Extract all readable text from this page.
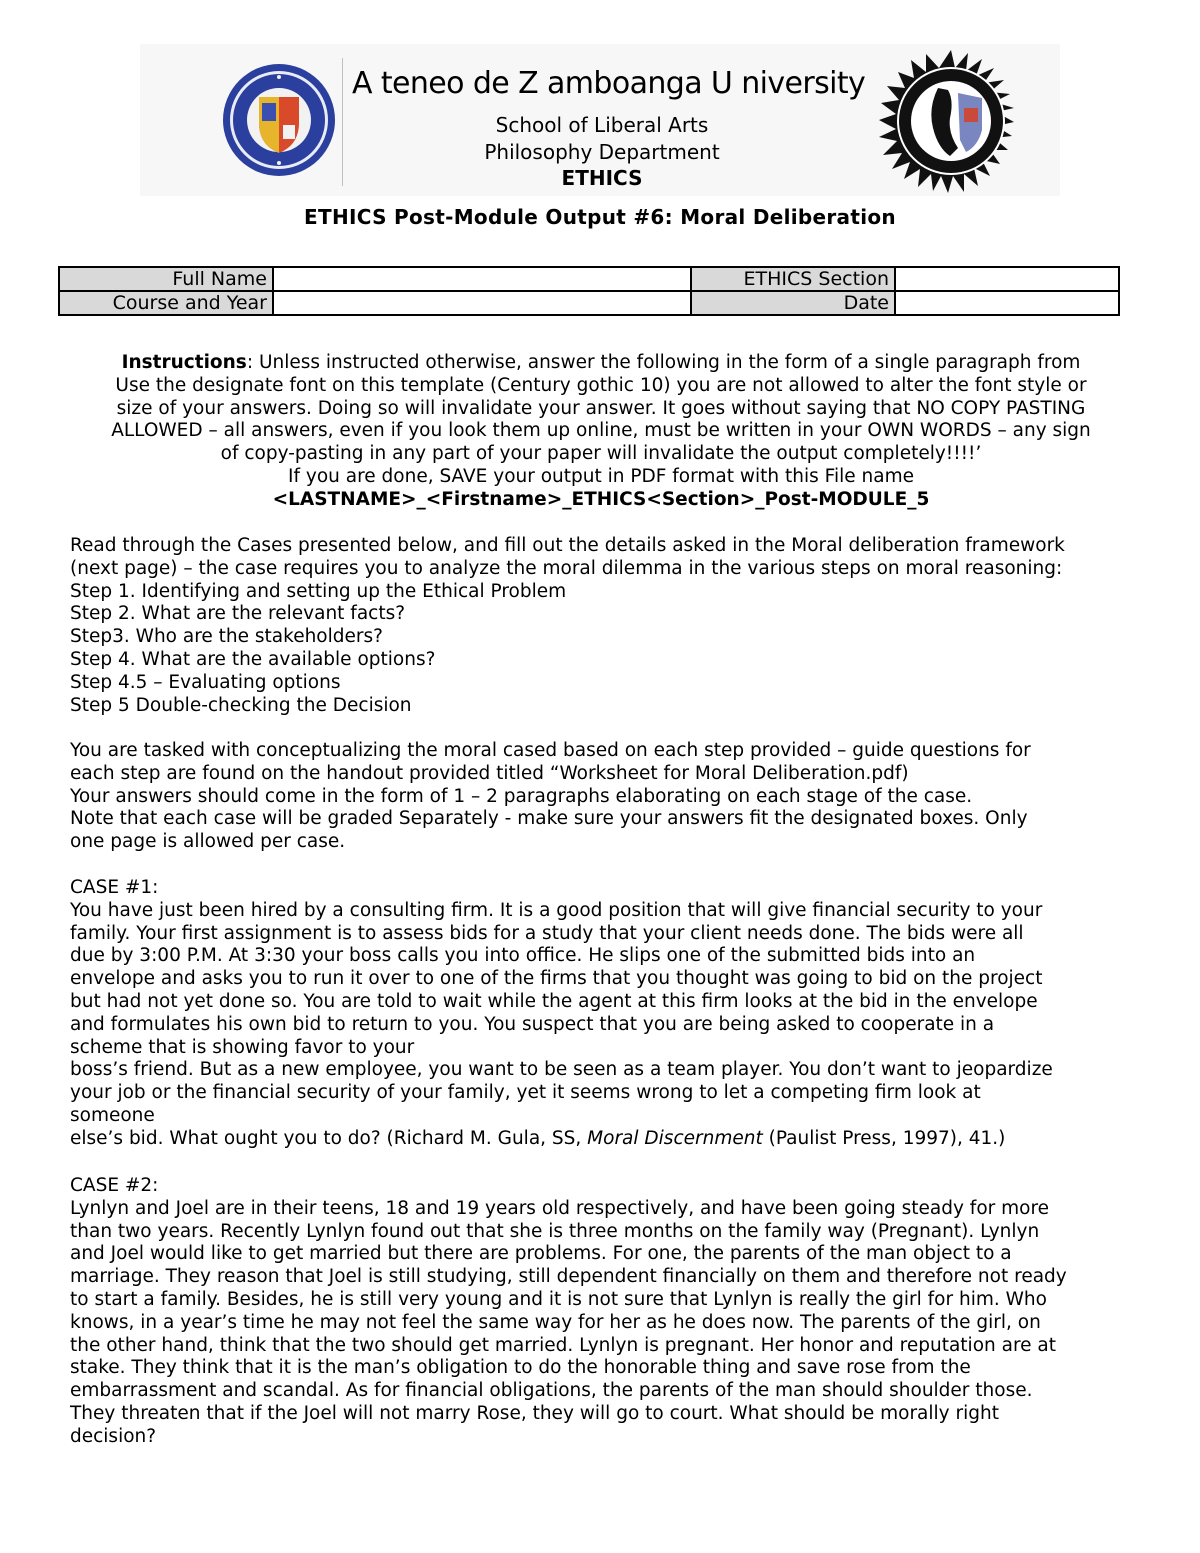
A teneo de Z amboanga U niversity
School of Liberal Arts
Philosophy Department
ETHICS
ETHICS Post-Module Output #6: Moral Deliberation
Full Name		ETHICS Section	
Course and Year		Date	
Instructions: Unless instructed otherwise, answer the following in the form of a single paragraph from
Use the designate font on this template (Century gothic 10) you are not allowed to alter the font style or
size of your answers. Doing so will invalidate your answer. It goes without saying that NO COPY PASTING
ALLOWED – all answers, even if you look them up online, must be written in your OWN WORDS – any sign
of copy-pasting in any part of your paper will invalidate the output completely!!!!’
If you are done, SAVE your output in PDF format with this File name
<LASTNAME>_<Firstname>_ETHICS<Section>_Post-MODULE_5
Read through the Cases presented below, and fill out the details asked in the Moral deliberation framework
(next page) – the case requires you to analyze the moral dilemma in the various steps on moral reasoning:
Step 1. Identifying and setting up the Ethical Problem
Step 2. What are the relevant facts?
Step3. Who are the stakeholders?
Step 4. What are the available options?
Step 4.5 – Evaluating options
Step 5 Double-checking the Decision
You are tasked with conceptualizing the moral cased based on each step provided – guide questions for
each step are found on the handout provided titled “Worksheet for Moral Deliberation.pdf)
Your answers should come in the form of 1 – 2 paragraphs elaborating on each stage of the case.
Note that each case will be graded Separately - make sure your answers fit the designated boxes. Only
one page is allowed per case.
CASE #1:
You have just been hired by a consulting firm. It is a good position that will give financial security to your
family. Your first assignment is to assess bids for a study that your client needs done. The bids were all
due by 3:00 P.M. At 3:30 your boss calls you into office. He slips one of the submitted bids into an
envelope and asks you to run it over to one of the firms that you thought was going to bid on the project
but had not yet done so. You are told to wait while the agent at this firm looks at the bid in the envelope
and formulates his own bid to return to you. You suspect that you are being asked to cooperate in a
scheme that is showing favor to your
boss’s friend. But as a new employee, you want to be seen as a team player. You don’t want to jeopardize
your job or the financial security of your family, yet it seems wrong to let a competing firm look at
someone
else’s bid. What ought you to do? (Richard M. Gula, SS, Moral Discernment (Paulist Press, 1997), 41.)
CASE #2:
Lynlyn and Joel are in their teens, 18 and 19 years old respectively, and have been going steady for more
than two years. Recently Lynlyn found out that she is three months on the family way (Pregnant). Lynlyn
and Joel would like to get married but there are problems. For one, the parents of the man object to a
marriage. They reason that Joel is still studying, still dependent financially on them and therefore not ready
to start a family. Besides, he is still very young and it is not sure that Lynlyn is really the girl for him. Who
knows, in a year’s time he may not feel the same way for her as he does now. The parents of the girl, on
the other hand, think that the two should get married. Lynlyn is pregnant. Her honor and reputation are at
stake. They think that it is the man’s obligation to do the honorable thing and save rose from the
embarrassment and scandal. As for financial obligations, the parents of the man should shoulder those.
They threaten that if the Joel will not marry Rose, they will go to court. What should be morally right
decision?
